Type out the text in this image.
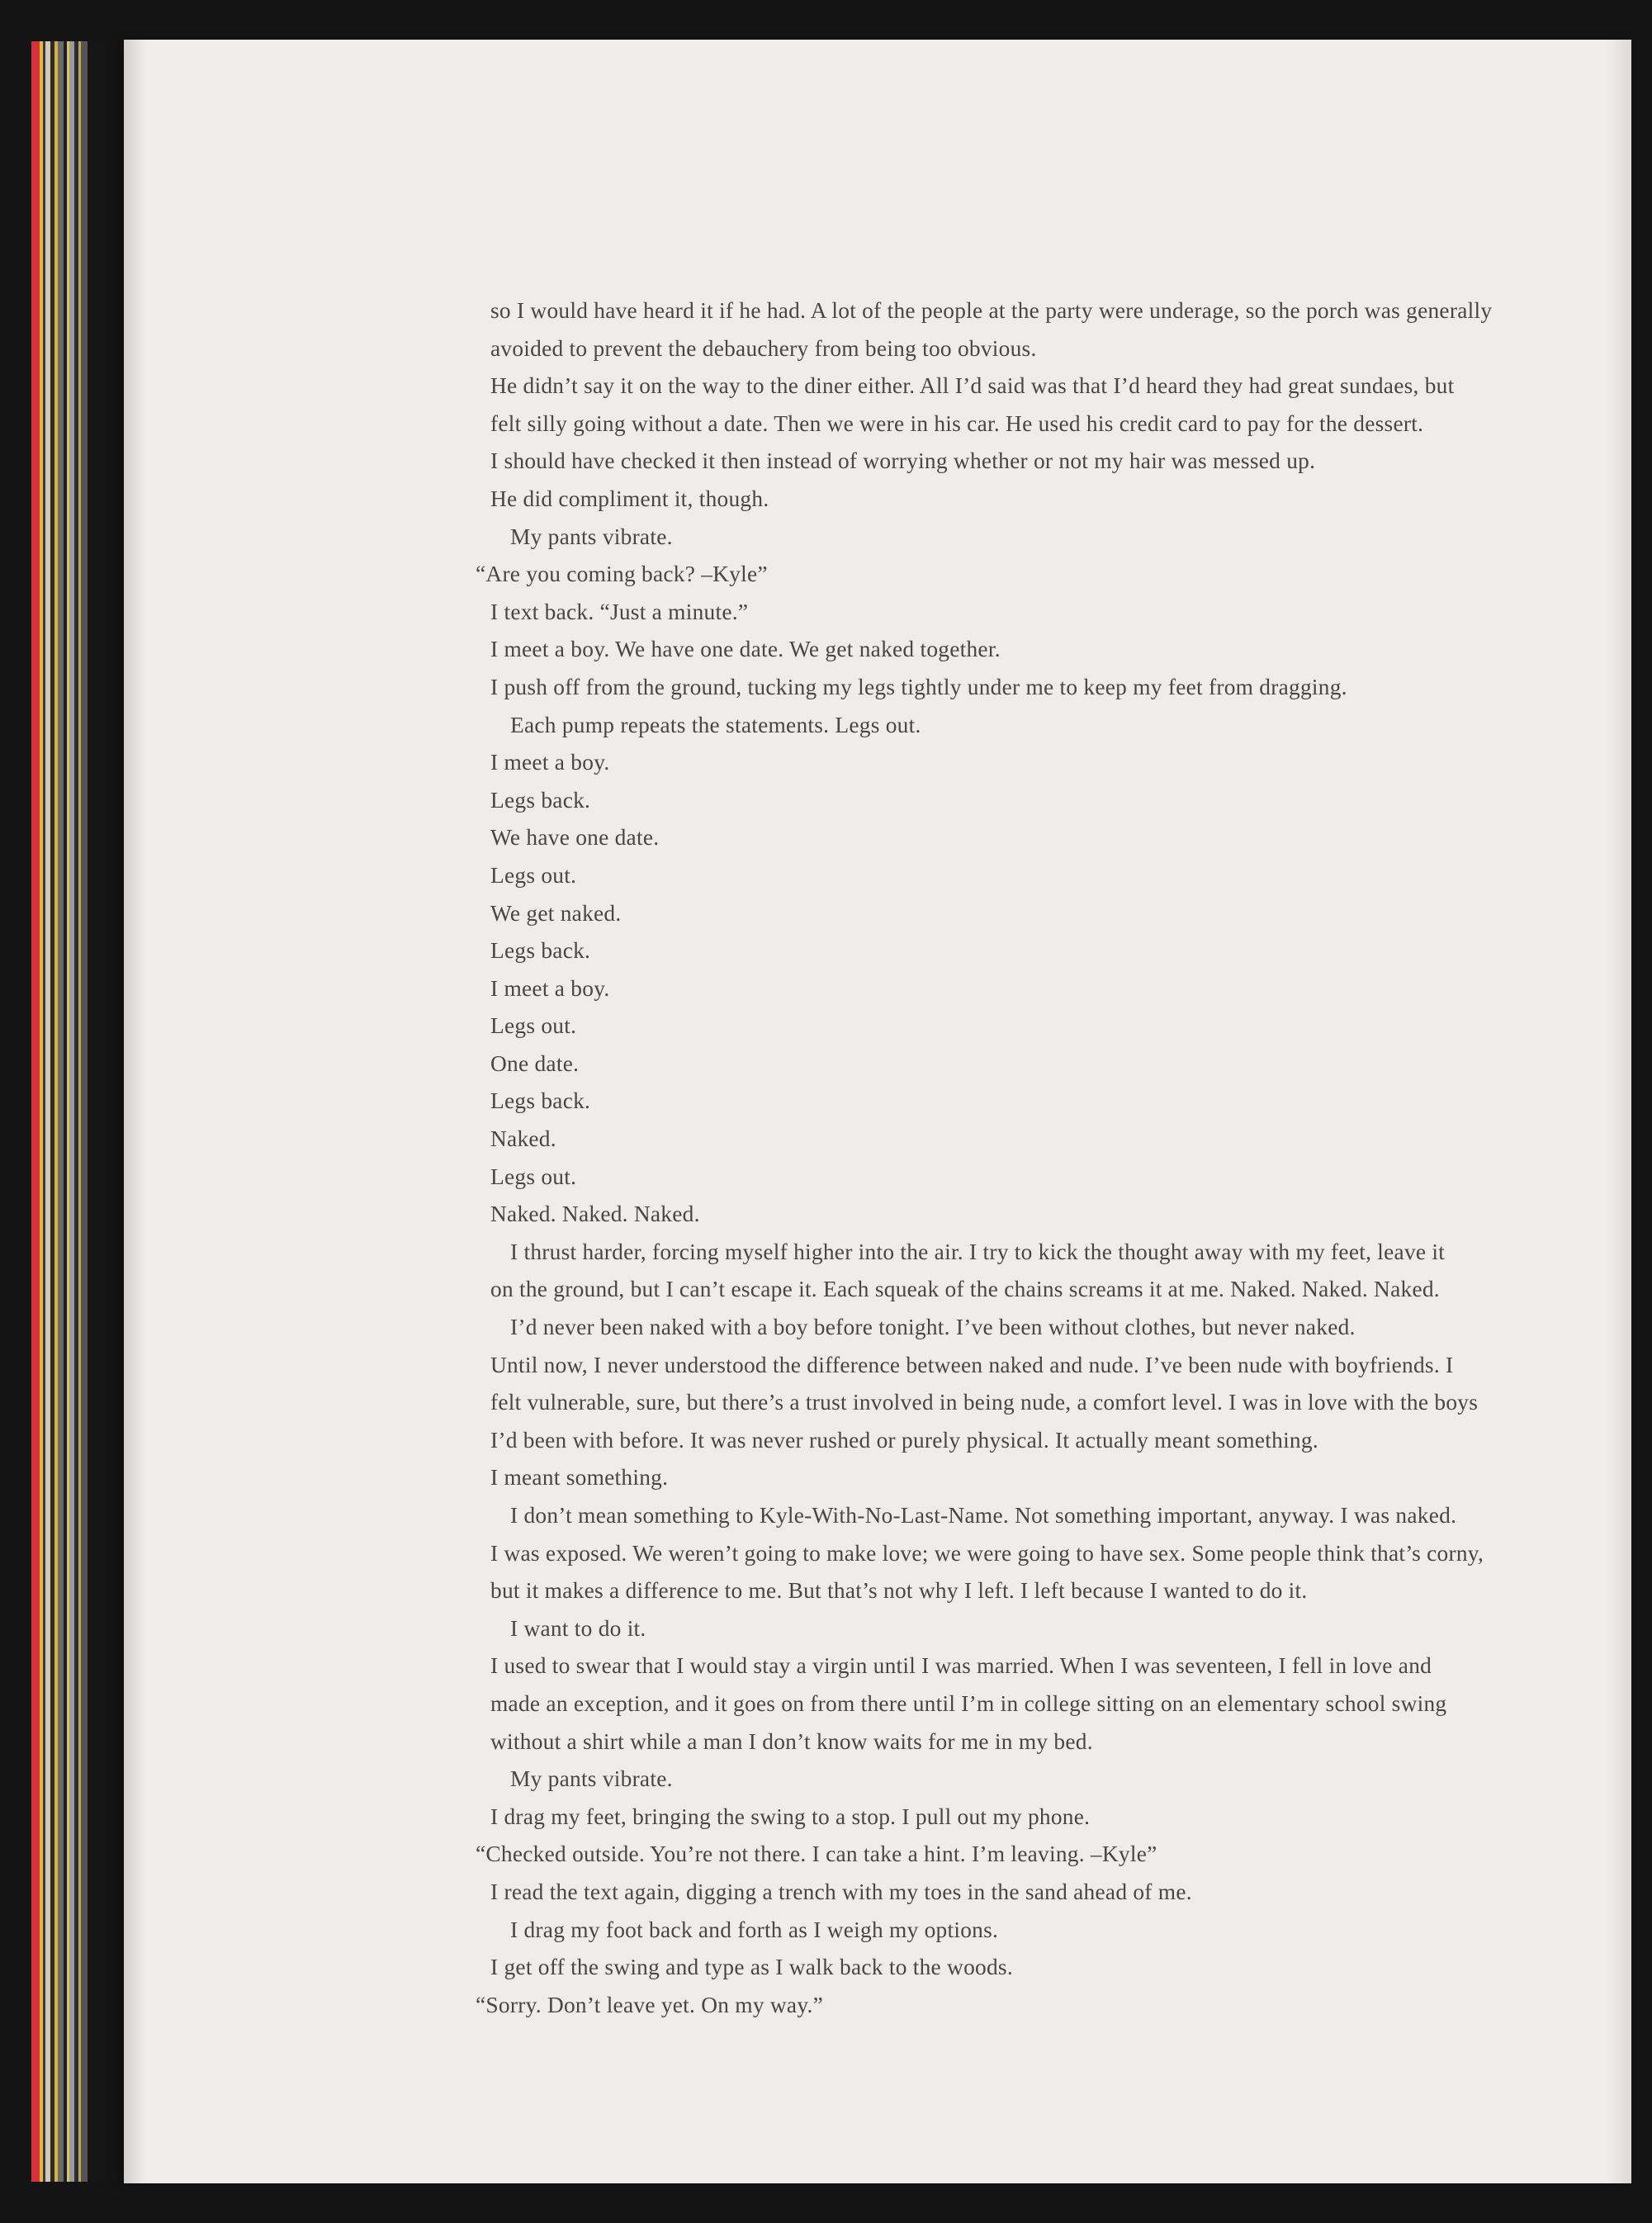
so I would have heard it if he had. A lot of the people at the party were underage, so the porch was generally
avoided to prevent the debauchery from being too obvious.
He didn’t say it on the way to the diner either. All I’d said was that I’d heard they had great sundaes, but
felt silly going without a date. Then we were in his car. He used his credit card to pay for the dessert.
I should have checked it then instead of worrying whether or not my hair was messed up.
He did compliment it, though.
My pants vibrate.
“Are you coming back? –Kyle”
I text back. “Just a minute.”
I meet a boy. We have one date. We get naked together.
I push off from the ground, tucking my legs tightly under me to keep my feet from dragging.
Each pump repeats the statements. Legs out.
I meet a boy.
Legs back.
We have one date.
Legs out.
We get naked.
Legs back.
I meet a boy.
Legs out.
One date.
Legs back.
Naked.
Legs out.
Naked. Naked. Naked.
I thrust harder, forcing myself higher into the air. I try to kick the thought away with my feet, leave it
on the ground, but I can’t escape it. Each squeak of the chains screams it at me. Naked. Naked. Naked.
I’d never been naked with a boy before tonight. I’ve been without clothes, but never naked.
Until now, I never understood the difference between naked and nude. I’ve been nude with boyfriends. I
felt vulnerable, sure, but there’s a trust involved in being nude, a comfort level. I was in love with the boys
I’d been with before. It was never rushed or purely physical. It actually meant something.
I meant something.
I don’t mean something to Kyle-With-No-Last-Name. Not something important, anyway. I was naked.
I was exposed. We weren’t going to make love; we were going to have sex. Some people think that’s corny,
but it makes a difference to me. But that’s not why I left. I left because I wanted to do it.
I want to do it.
I used to swear that I would stay a virgin until I was married. When I was seventeen, I fell in love and
made an exception, and it goes on from there until I’m in college sitting on an elementary school swing
without a shirt while a man I don’t know waits for me in my bed.
My pants vibrate.
I drag my feet, bringing the swing to a stop. I pull out my phone.
“Checked outside. You’re not there. I can take a hint. I’m leaving. –Kyle”
I read the text again, digging a trench with my toes in the sand ahead of me.
I drag my foot back and forth as I weigh my options.
I get off the swing and type as I walk back to the woods.
“Sorry. Don’t leave yet. On my way.”
